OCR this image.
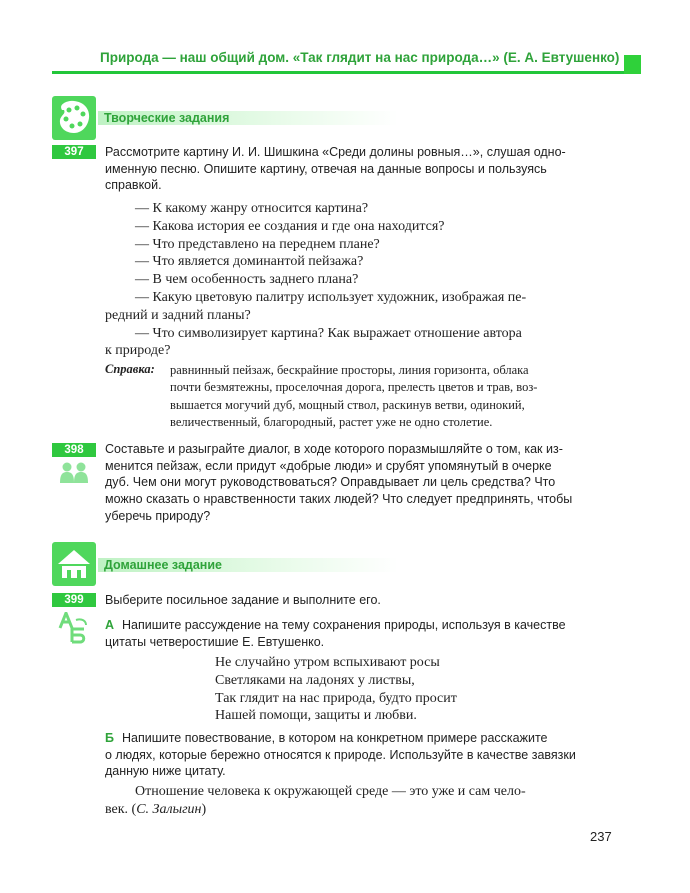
Природа — наш общий дом. «Так глядит на нас природа…» (Е. А. Евтушенко)
Творческие задания
397	Рассмотрите картину И. И. Шишкина «Среди долины ровныя…», слушая одно-

именную песню. Опишите картину, отвечая на данные вопросы и пользуясь

справкой.

— К какому жанру относится картина?
— Какова история ее создания и где она находится?
— Что представлено на переднем плане?
— Что является доминантой пейзажа?
— В чем особенность заднего плана?
— Какую цветовую палитру использует художник, изображая пе-
редний и задний планы?
— Что символизирует картина? Как выражает отношение автора
к природе?
Справка: равнинный пейзаж, бескрайние просторы, линия горизонта, облака
почти безмятежны, проселочная дорога, прелесть цветов и трав, воз-
вышается могучий дуб, мощный ствол, раскинув ветви, одинокий,
величественный, благородный, растет уже не одно столетие.
398	Составьте и разыграйте диалог, в ходе которого поразмышляйте о том, как из-

менится пейзаж, если придут «добрые люди» и срубят упомянутый в очерке

дуб. Чем они могут руководствоваться? Оправдывает ли цель средства? Что

можно сказать о нравственности таких людей? Что следует предпринять, чтобы

уберечь природу?

Домашнее задание
399	Выберите посильное задание и выполните его.

А Напишите рассуждение на тему сохранения природы, используя в качестве

цитаты четверостишие Е. Евтушенко.

Не случайно утром вспыхивают росы
Светляками на ладонях у листвы,
Так глядит на нас природа, будто просит
Нашей помощи, защиты и любви.

Б Напишите повествование, в котором на конкретном примере расскажите

о людях, которые бережно относятся к природе. Используйте в качестве завязки

данную ниже цитату.

Отношение человека к окружающей среде — это уже и сам чело-
век. (С. Залыгин)
237
